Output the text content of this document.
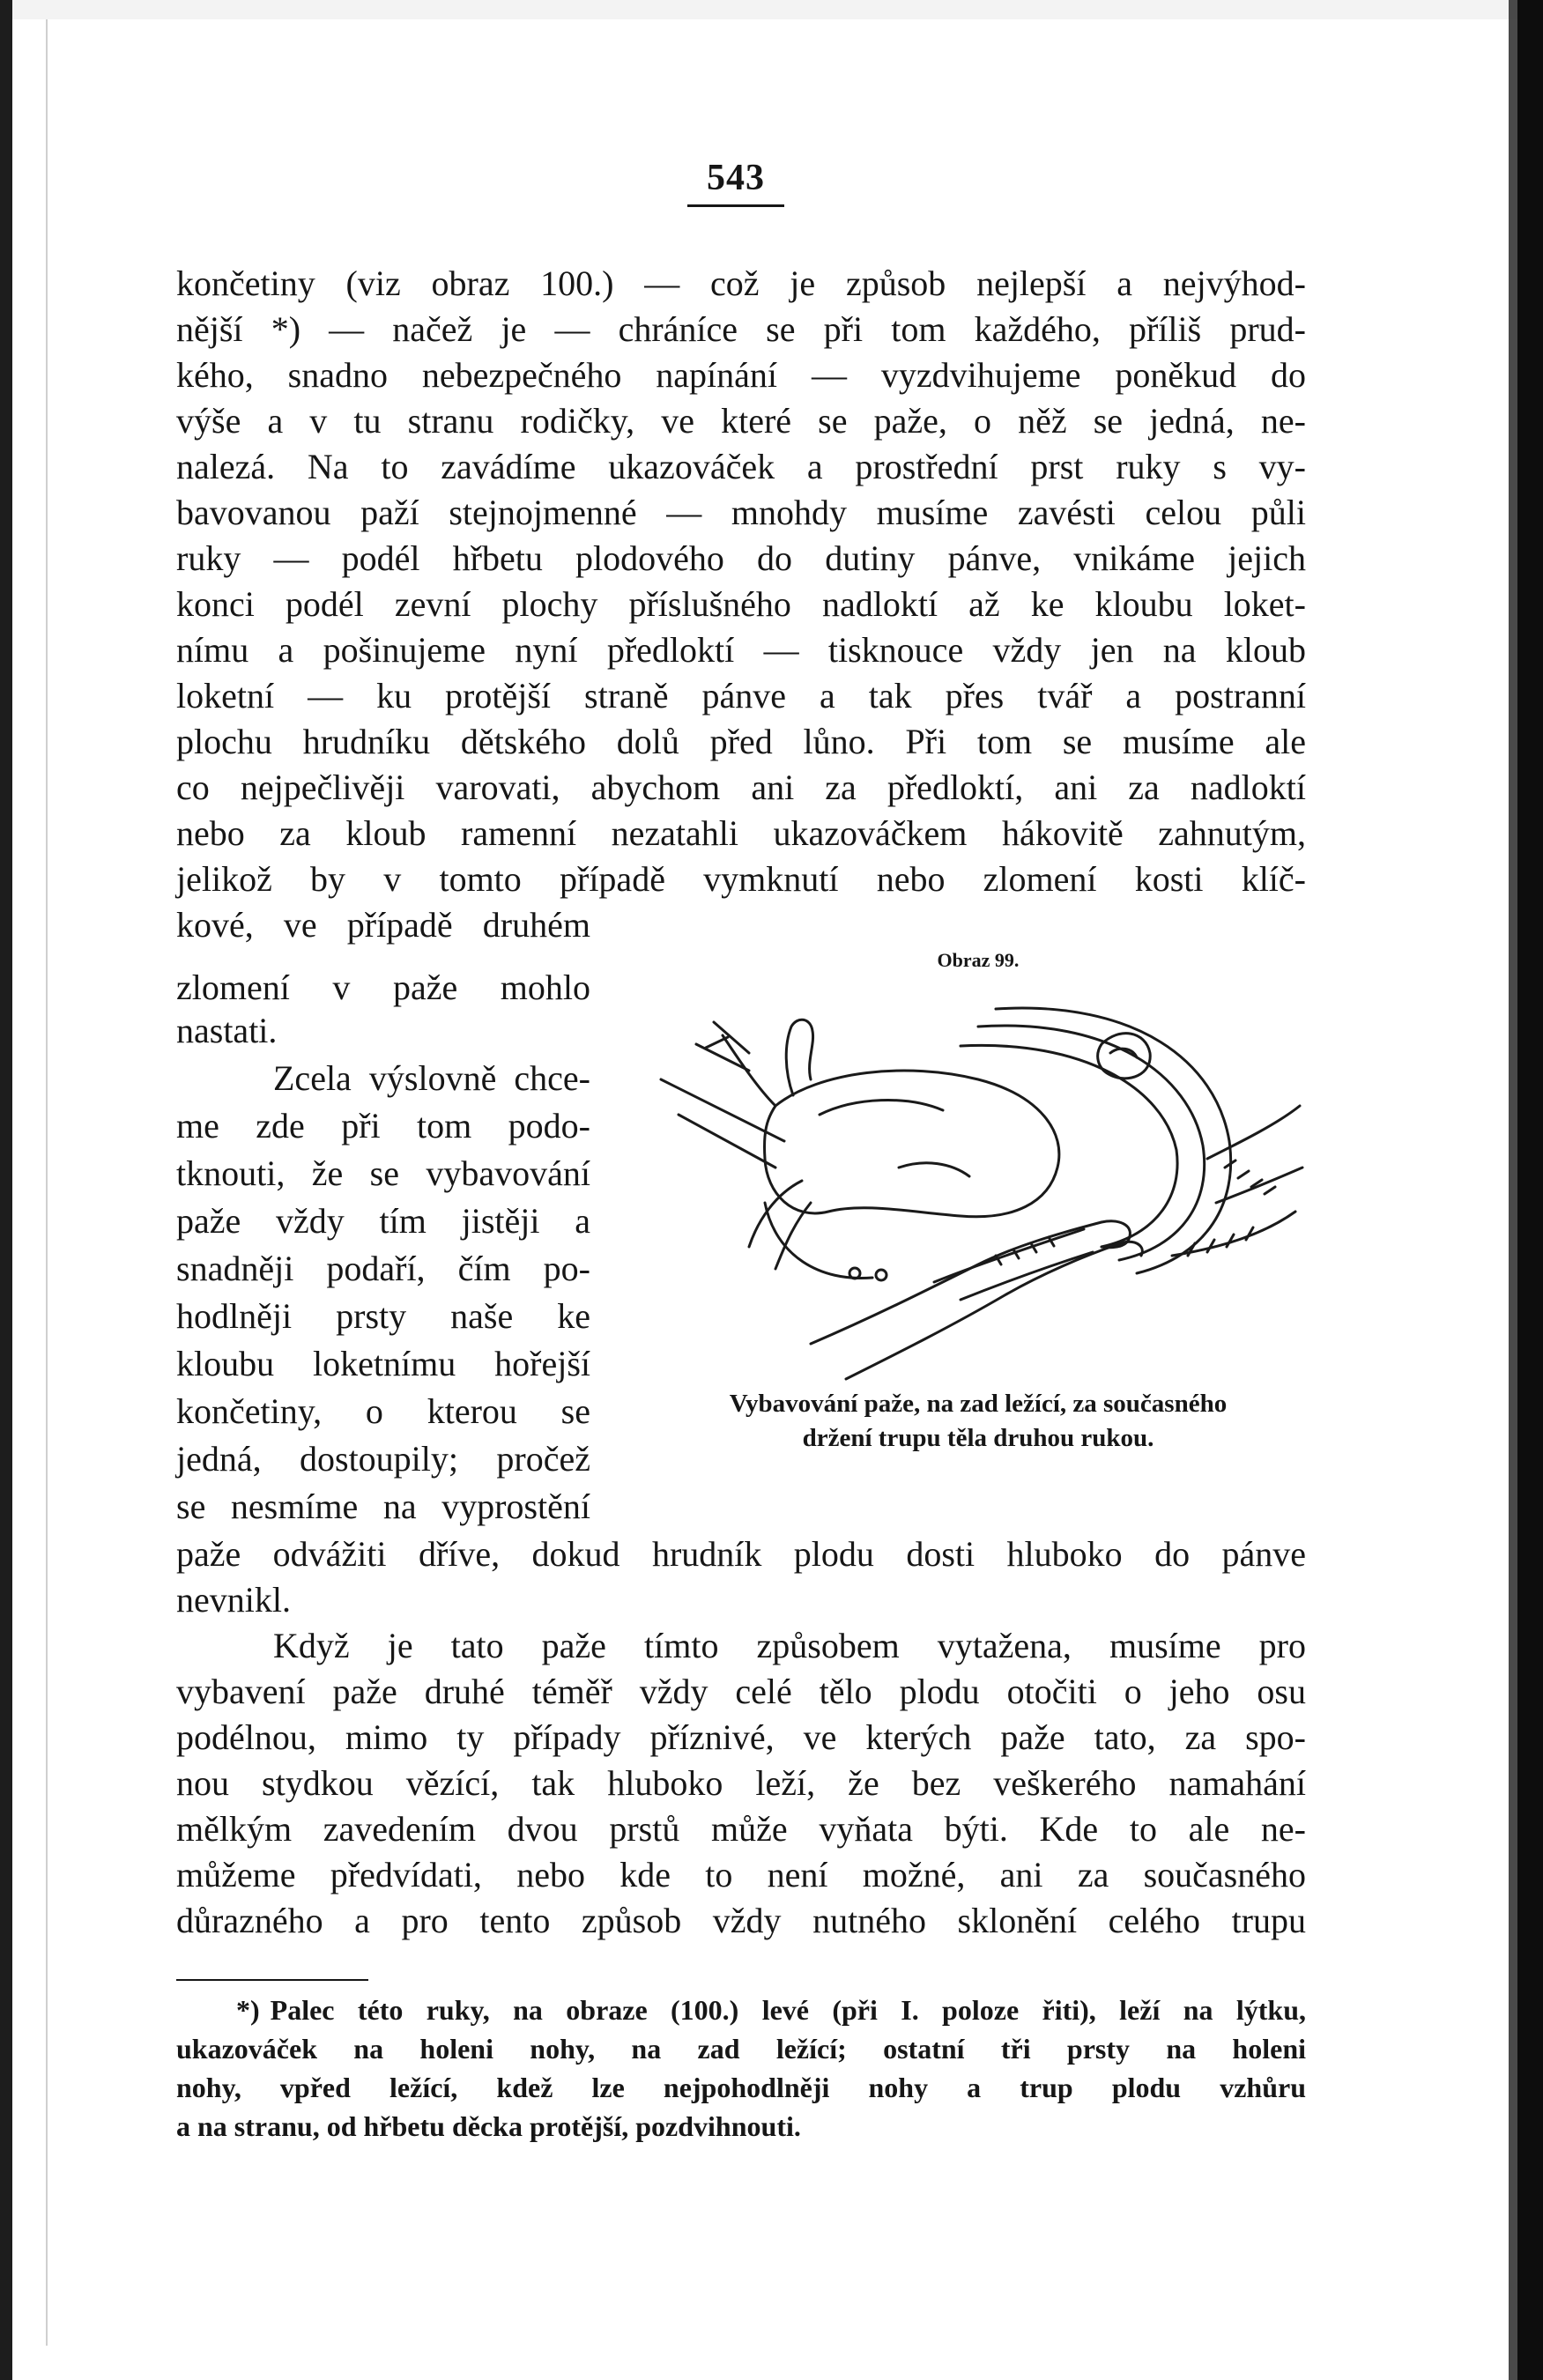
543
končetiny (viz obraz 100.) — což je způsob nejlepší a nejvýhod-
nější *) — načež je — chráníce se při tom každého, příliš prud-
kého, snadno nebezpečného napínání — vyzdvihujeme poněkud do
výše a v tu stranu rodičky, ve které se paže, o něž se jedná, ne-
nalezá. Na to zavádíme ukazováček a prostřední prst ruky s vy-
bavovanou paží stejnojmenné — mnohdy musíme zavésti celou půli
ruky — podél hřbetu plodového do dutiny pánve, vnikáme jejich
konci podél zevní plochy příslušného nadloktí až ke kloubu loket-
nímu a pošinujeme nyní předloktí — tisknouce vždy jen na kloub
loketní — ku protější straně pánve a tak přes tvář a postranní
plochu hrudníku dětského dolů před lůno. Při tom se musíme ale
co nejpečlivěji varovati, abychom ani za předloktí, ani za nadloktí
nebo za kloub ramenní nezatahli ukazováčkem hákovitě zahnutým,
jelikož by v tomto případě vymknutí nebo zlomení kosti klíč-
kové, ve případě druhém
zlomení v paže mohlo
nastati.
Zcela výslovně chce-
me zde při tom podo-
tknouti, že se vybavování
paže vždy tím jistěji a
snadněji podaří, čím po-
hodlněji prsty naše ke
kloubu loketnímu hořejší
končetiny, o kterou se
jedná, dostoupily; pročež
se nesmíme na vyprostění
Obraz 99.
Vybavování paže, na zad ležící, za současného
držení trupu těla druhou rukou.
paže odvážiti dříve, dokud hrudník plodu dosti hluboko do pánve
nevnikl.
Když je tato paže tímto způsobem vytažena, musíme pro
vybavení paže druhé téměř vždy celé tělo plodu otočiti o jeho osu
podélnou, mimo ty případy příznivé, ve kterých paže tato, za spo-
nou stydkou vězící, tak hluboko leží, že bez veškerého namahání
mělkým zavedením dvou prstů může vyňata býti. Kde to ale ne-
můžeme předvídati, nebo kde to není možné, ani za současného
důrazného a pro tento způsob vždy nutného sklonění celého trupu
*) Palec této ruky, na obraze (100.) levé (při I. poloze řiti), leží na lýtku,
ukazováček na holeni nohy, na zad ležící; ostatní tři prsty na holeni
nohy, vpřed ležící, kdež lze nejpohodlněji nohy a trup plodu vzhůru
a na stranu, od hřbetu děcka protější, pozdvihnouti.
